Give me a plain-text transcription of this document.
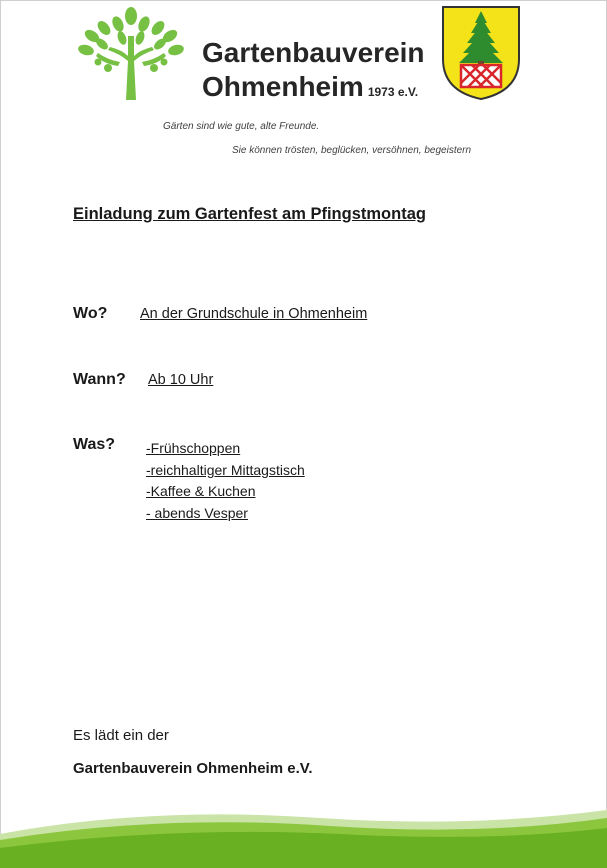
Gartenbauverein
Ohmenheim 1973 e.V.
Gärten sind wie gute, alte Freunde.
Sie können trösten, beglücken, versöhnen, begeistern
Einladung zum Gartenfest am Pfingstmontag
Wo? An der Grundschule in Ohmenheim
Wann? Ab 10 Uhr
Was? -Frühschoppen
-reichhaltiger Mittagstisch
-Kaffee & Kuchen
- abends Vesper
Es lädt ein der
Gartenbauverein Ohmenheim e.V.
